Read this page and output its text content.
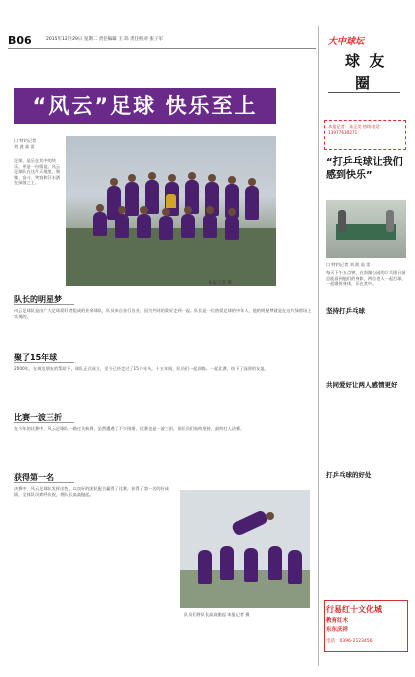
B06	2015年12月29日 星期二 责任编辑 王 玮 责任校对 张子军	大中球坛
球 友
圈
“风云”足球 快乐至上
口 特约记者
刘 波 高 雷
足球，是乐在其中的快乐，更是一份情谊。风云足球队在这片天地里，聚集、奋斗、笑容和汗水洒在绿茵之上。
本报记者 摄
队长的明星梦
风云足球队是由广大足球爱好者组成的业余球队，队员来自各行各业，因为共同的爱好走到一起。队长是一位热爱足球的中年人，他的明星梦就是在这片绿茵场上实现的。
聚了15年球
2000年，在周边朋友的帮助下，球队正式成立，至今已经走过了15个年头。十五年间，队员们一起训练、一起比赛，结下了深厚的友谊。
比赛一波三折
在今年的比赛中，风云足球队一路过关斩将，虽然遭遇了不少困难，比赛也是一波三折，但队员们始终坚持，最终打入决赛。
获得第一名
决赛中，风云足球队发挥出色，以良好的团队配合赢得了比赛，获得了第一名的好成绩，全体队员欢呼庆祝，将队长高高抛起。
队员们将队长高高抛起 本报记者 摄
本报记者：朱正昊 热线电话：13977630271
“打乒乓球让我们感到快乐”
口 特约记者 刘 波 高 雷
每天下午五点钟，在南湖公园的乒乓球台前总能看到他们的身影，两位老人一起打球，一起锻炼身体，乐在其中。
坚持打乒乓球
共同爱好让两人感情更好
打乒乓球的好处
行易红十文化城
教育红木
东东庆祥
电话：0396-2123456
